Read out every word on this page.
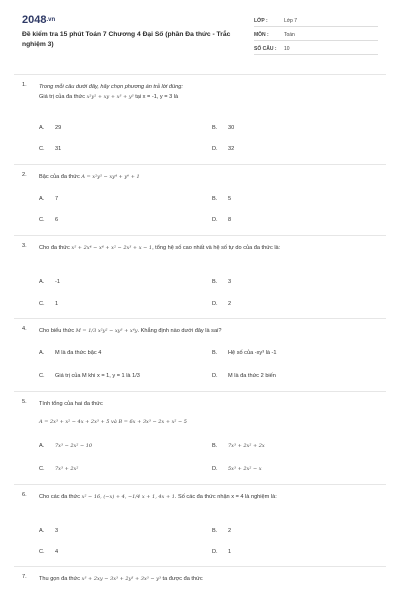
2048.vn
Đề kiểm tra 15 phút Toán 7 Chương 4 Đại Số (phần Đa thức - Trắc nghiệm 3)
LỚP :	Lớp 7
MÔN :	Toán
SỐ CÂU : 10
1. Trong mỗi câu dưới đây, hãy chọn phương án trả lời đúng:
Giá trị của đa thức x²y² + xy + x³ + y³ tại x = -1, y = 3 là
A. 29	B. 30
C. 31	D. 32
2. Bậc của đa thức A = x²y⁵ − xy⁴ + y⁶ + 1
A. 7	B. 5
C. 6	D. 8
3. Cho đa thức x⁵ + 2x⁴ − x⁴ + x² − 2x³ + x − 1, tổng hệ số cao nhất và hệ số tự do của đa thức là:
A. -1	B. 3
C. 1	D. 2
4. Cho biểu thức M = 1/3 x²y² − xy³ + x⁴y. Khẳng định nào dưới đây là sai?
A. M là đa thức bậc 4	B. Hệ số của -xy³ là -1
C. Giá trị của M khi x = 1, y = 1 là 1/3	D. M là đa thức 2 biến
5. Tính tổng của hai đa thức
A = 2x³ + x² − 4x + 2x³ + 5 và B = 6x + 3x³ − 2x + x² − 5
A. 7x³ − 2x² − 10	B. 7x³ + 2x² + 2x
C. 7x³ + 2x²	D. 5x³ + 2x² − x
6. Cho các đa thức x² − 16, (−x) + 4, −1/4 x + 1, 4x + 1. Số các đa thức nhận x = 4 là nghiệm là:
A. 3	B. 2
C. 4	D. 1
7. Thu gọn đa thức x³ + 2xy − 3x³ + 2y³ + 3x³ − y³ ta được đa thức
